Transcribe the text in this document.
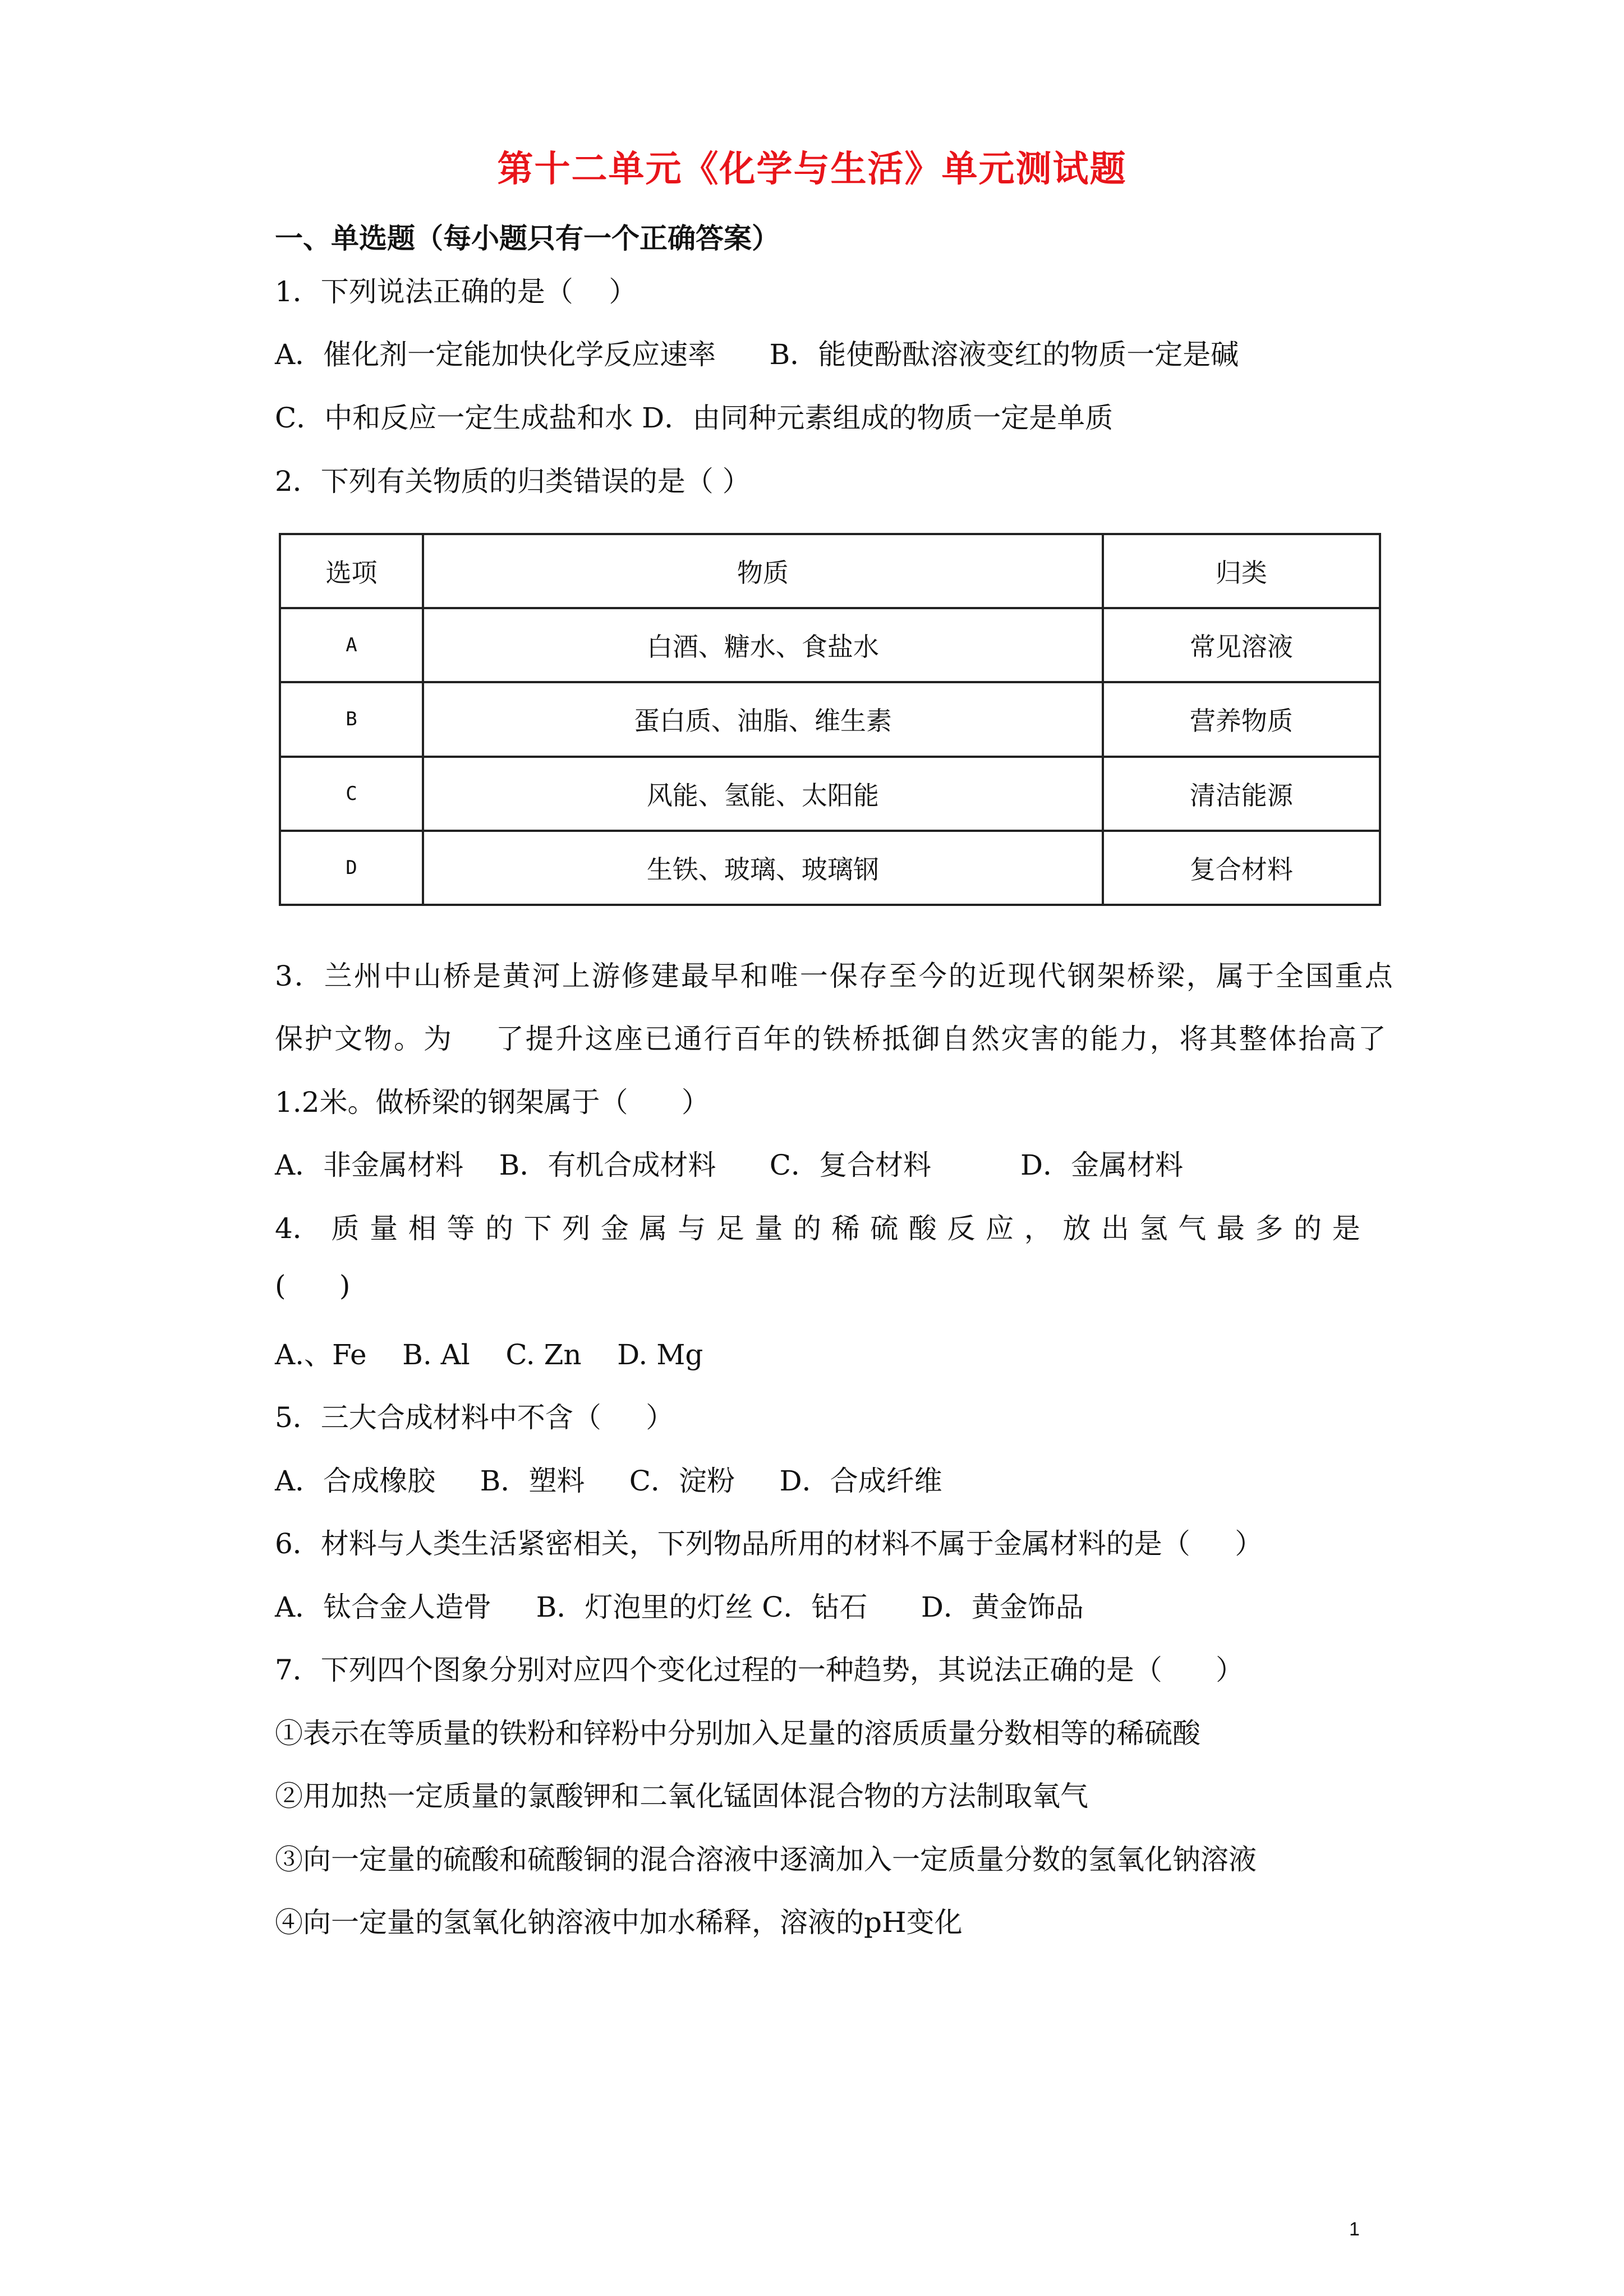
第十二单元《化学与生活》单元测试题
一、单选题（每小题只有一个正确答案）
1．下列说法正确的是（    ）
A．催化剂一定能加快化学反应速率      B．能使酚酞溶液变红的物质一定是碱
C．中和反应一定生成盐和水 D．由同种元素组成的物质一定是单质
2．下列有关物质的归类错误的是（ ）
选项	物质	归类
A	白酒、糖水、食盐水	常见溶液
B	蛋白质、油脂、维生素	营养物质
C	风能、氢能、太阳能	清洁能源
D	生铁、玻璃、玻璃钢	复合材料
3．兰州中山桥是黄河上游修建最早和唯一保存至今的近现代钢架桥梁，属于全国重点
保护文物。为    了提升这座已通行百年的铁桥抵御自然灾害的能力，将其整体抬高了
1.2米。做桥梁的钢架属于（      ）
A．非金属材料    B．有机合成材料      C．复合材料          D．金属材料
4． 质 量 相 等 的 下 列 金 属 与 足 量 的 稀 硫 酸 反 应 ， 放 出 氢 气 最 多 的 是
(      )
A.、Fe    B. Al    C. Zn    D. Mg
5．三大合成材料中不含（     ）
A．合成橡胶     B．塑料     C．淀粉     D．合成纤维
6．材料与人类生活紧密相关，下列物品所用的材料不属于金属材料的是（     ）
A．钛合金人造骨     B．灯泡里的灯丝 C．钻石      D．黄金饰品
7．下列四个图象分别对应四个变化过程的一种趋势，其说法正确的是（      ）
①表示在等质量的铁粉和锌粉中分别加入足量的溶质质量分数相等的稀硫酸
②用加热一定质量的氯酸钾和二氧化锰固体混合物的方法制取氧气
③向一定量的硫酸和硫酸铜的混合溶液中逐滴加入一定质量分数的氢氧化钠溶液
④向一定量的氢氧化钠溶液中加水稀释，溶液的pH变化
1
